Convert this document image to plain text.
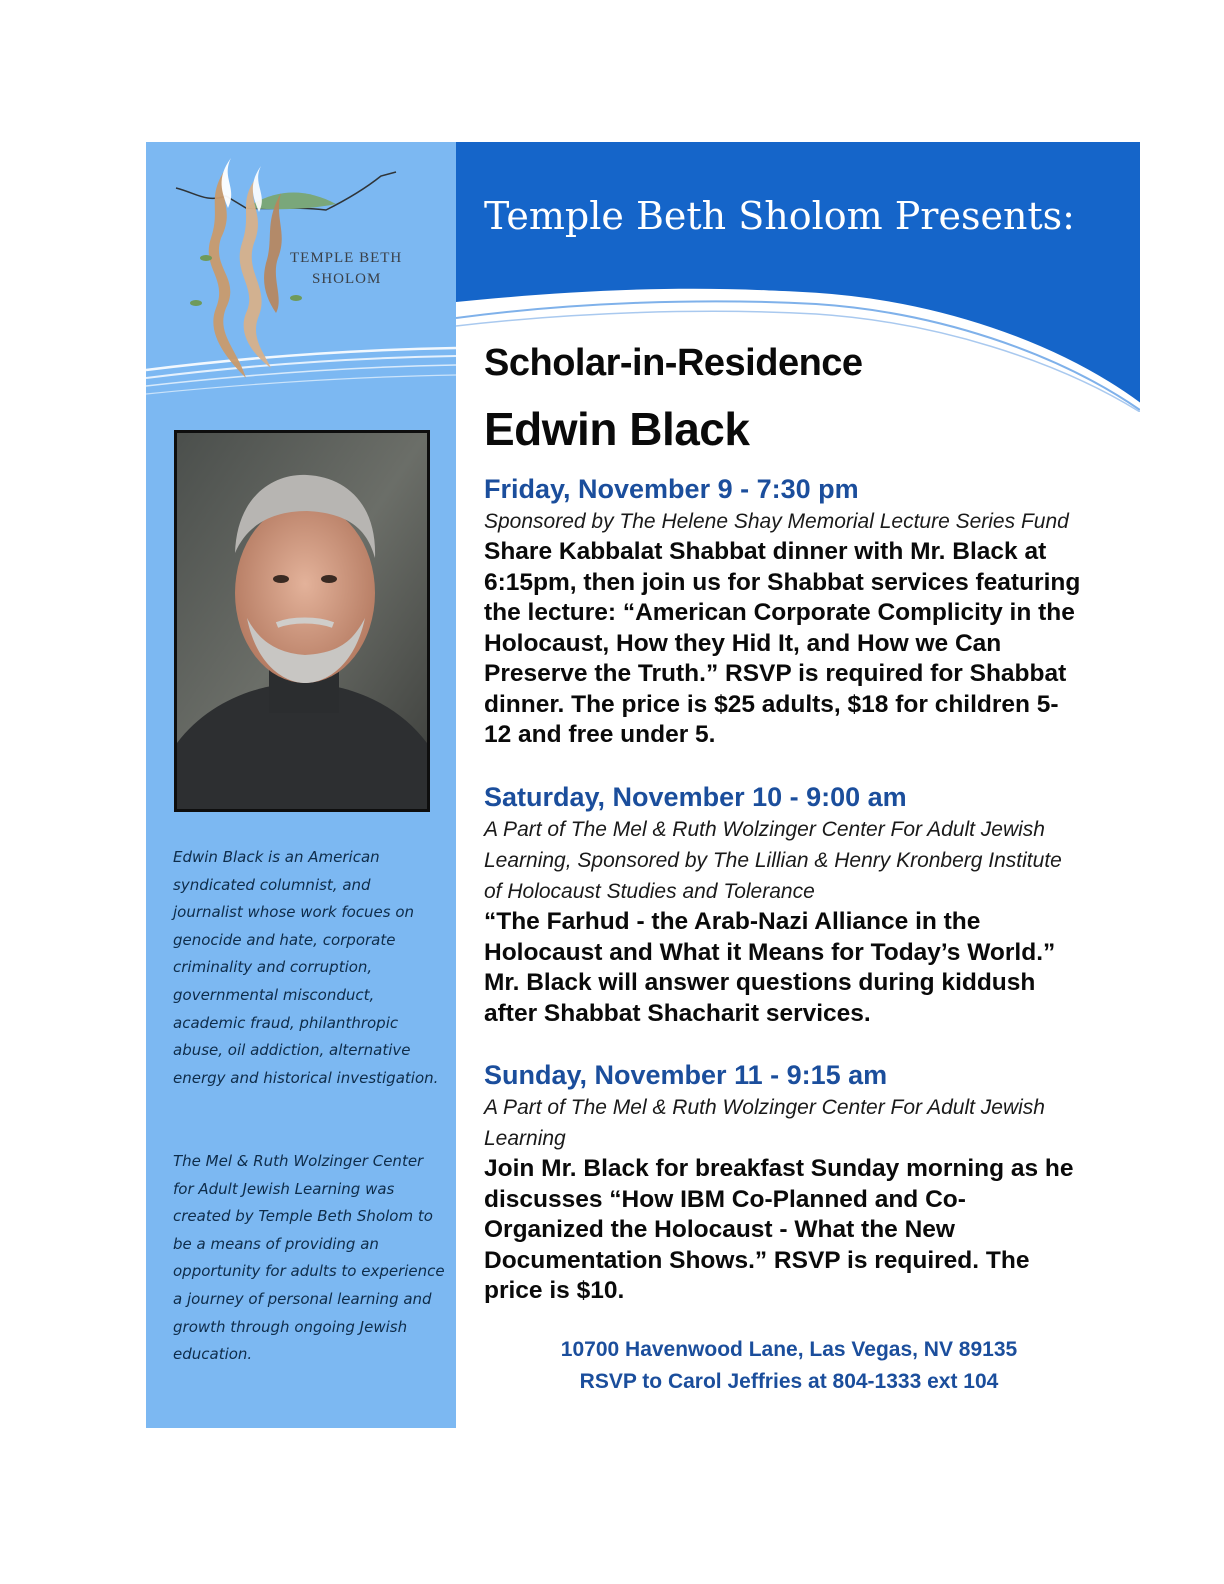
TEMPLE BETH
SHOLOM

Edwin Black is an American syndicated columnist, and journalist whose work focues on genocide and hate, corporate criminality and corruption, governmental misconduct, academic fraud, philanthropic abuse, oil addiction, alternative energy and historical investigation.

The Mel & Ruth Wolzinger Center for Adult Jewish Learning was created by Temple Beth Sholom to be a means of providing an opportunity for adults to experience a journey of personal learning and growth through ongoing Jewish education.

Temple Beth Sholom Presents:
Scholar-in-Residence
Edwin Black

Friday, November 9 - 7:30 pm

Sponsored by The Helene Shay Memorial Lecture Series Fund

Share Kabbalat Shabbat dinner with Mr. Black at 6:15pm, then join us for Shabbat services featuring the lecture: “American Corporate Complicity in the Holocaust, How they Hid It, and How we Can Preserve the Truth.” RSVP is required for Shabbat dinner. The price is $25 adults, $18 for children 5-12 and free under 5.

Saturday, November 10 - 9:00 am

A Part of The Mel & Ruth Wolzinger Center For Adult Jewish Learning, Sponsored by The Lillian & Henry Kronberg Institute of Holocaust Studies and Tolerance

“The Farhud - the Arab-Nazi Alliance in the Holocaust and What it Means for Today’s World.” Mr. Black will answer questions during kiddush after Shabbat Shacharit services.

Sunday, November 11 - 9:15 am

A Part of The Mel & Ruth Wolzinger Center For Adult Jewish Learning

Join Mr. Black for breakfast Sunday morning as he discusses “How IBM Co-Planned and Co-Organized the Holocaust - What the New Documentation Shows.” RSVP is required. The price is $10.

10700 Havenwood Lane, Las Vegas, NV 89135
RSVP to Carol Jeffries at 804-1333 ext 104
